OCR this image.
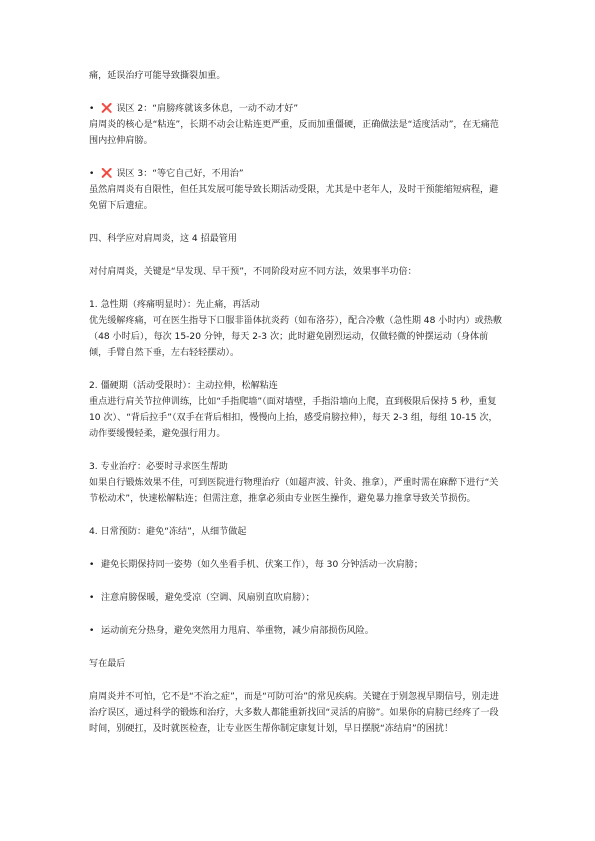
痛，延误治疗可能导致撕裂加重。

• ❌ 误区 2：“肩膀疼就该多休息，一动不动才好”

肩周炎的核心是“粘连”，长期不动会让粘连更严重，反而加重僵硬，正确做法是“适度活动”，在无痛范围内拉伸肩膀。

• ❌ 误区 3：“等它自己好，不用治”

虽然肩周炎有自限性，但任其发展可能导致长期活动受限，尤其是中老年人，及时干预能缩短病程，避免留下后遗症。

四、科学应对肩周炎，这 4 招最管用

对付肩周炎，关键是“早发现、早干预”，不同阶段对应不同方法，效果事半功倍：

1. 急性期（疼痛明显时）：先止痛，再活动

优先缓解疼痛，可在医生指导下口服非甾体抗炎药（如布洛芬），配合冷敷（急性期 48 小时内）或热敷（48 小时后），每次 15-20 分钟，每天 2-3 次；此时避免剧烈运动，仅做轻微的钟摆运动（身体前倾，手臂自然下垂，左右轻轻摆动）。

2. 僵硬期（活动受限时）：主动拉伸，松解粘连

重点进行肩关节拉伸训练，比如“手指爬墙”（面对墙壁，手指沿墙向上爬，直到极限后保持 5 秒，重复 10 次）、“背后拉手”（双手在背后相扣，慢慢向上抬，感受肩膀拉伸），每天 2-3 组，每组 10-15 次，动作要缓慢轻柔，避免强行用力。

3. 专业治疗：必要时寻求医生帮助

如果自行锻炼效果不佳，可到医院进行物理治疗（如超声波、针灸、推拿），严重时需在麻醉下进行“关节松动术”，快速松解粘连；但需注意，推拿必须由专业医生操作，避免暴力推拿导致关节损伤。

4. 日常预防：避免“冻结”，从细节做起

• 避免长期保持同一姿势（如久坐看手机、伏案工作），每 30 分钟活动一次肩膀；

• 注意肩膀保暖，避免受凉（空调、风扇别直吹肩膀）；

• 运动前充分热身，避免突然用力甩肩、举重物，减少肩部损伤风险。

写在最后

肩周炎并不可怕，它不是“不治之症”，而是“可防可治”的常见疾病。关键在于别忽视早期信号，别走进治疗误区，通过科学的锻炼和治疗，大多数人都能重新找回“灵活的肩膀”。如果你的肩膀已经疼了一段时间，别硬扛，及时就医检查，让专业医生帮你制定康复计划，早日摆脱“冻结肩”的困扰！
